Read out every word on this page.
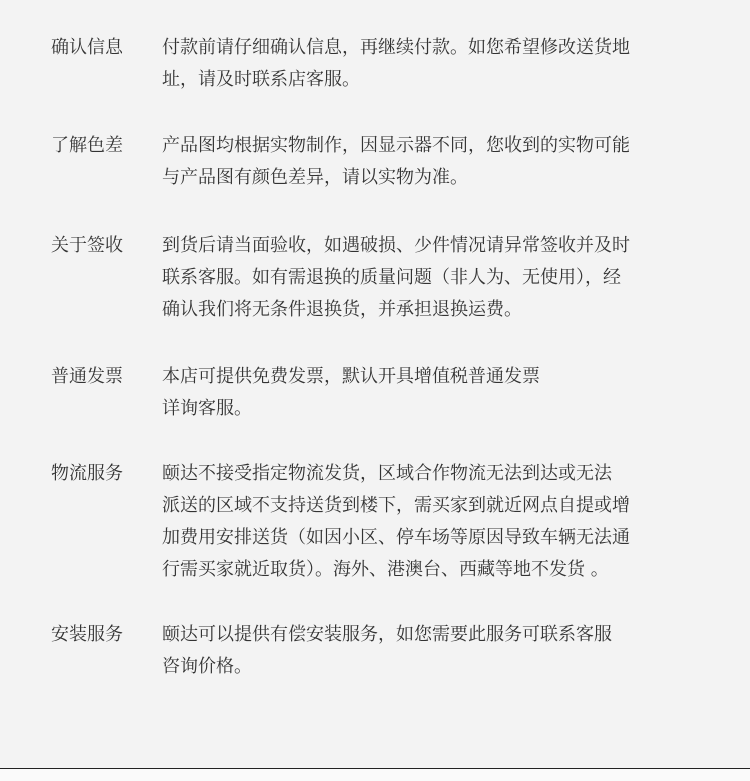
确认信息 付款前请仔细确认信息，再继续付款。如您希望修改送货地
址，请及时联系店客服。
了解色差 产品图均根据实物制作，因显示器不同，您收到的实物可能
与产品图有颜色差异，请以实物为准。
关于签收 到货后请当面验收，如遇破损、少件情况请异常签收并及时
联系客服。如有需退换的质量问题（非人为、无使用），经
确认我们将无条件退换货，并承担退换运费。
普通发票 本店可提供免费发票，默认开具增值税普通发票
详询客服。
物流服务 颐达不接受指定物流发货，区域合作物流无法到达或无法
派送的区域不支持送货到楼下，需买家到就近网点自提或增
加费用安排送货（如因小区、停车场等原因导致车辆无法通
行需买家就近取货）。海外、港澳台、西藏等地不发货 。
安装服务 颐达可以提供有偿安装服务，如您需要此服务可联系客服
咨询价格。
